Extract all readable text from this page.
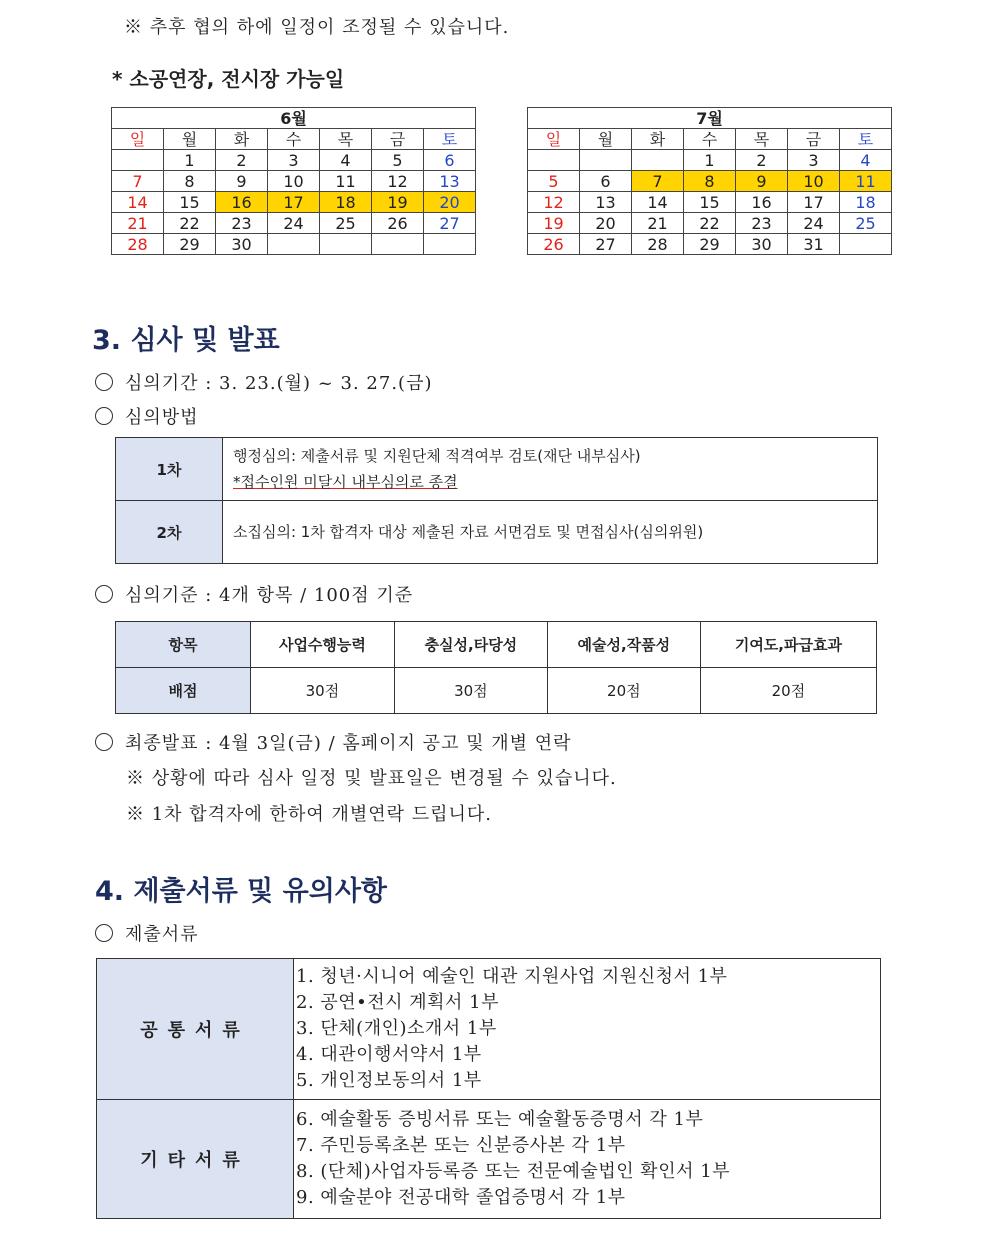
※ 추후 협의 하에 일정이 조정될 수 있습니다.
* 소공연장, 전시장 가능일
6월						
일	월	화	수	목	금	토
	1	2	3	4	5	6
7	8	9	10	11	12	13
14	15	16	17	18	19	20
21	22	23	24	25	26	27
28	29	30				
7월						
일	월	화	수	목	금	토
			1	2	3	4
5	6	7	8	9	10	11
12	13	14	15	16	17	18
19	20	21	22	23	24	25
26	27	28	29	30	31	
3. 심사 및 발표
심의기간 : 3. 23.(월) ~ 3. 27.(금)
심의방법
1차	행정심의: 제출서류 및 지원단체 적격여부 검토(재단 내부심사)
*접수인원 미달시 내부심의로 종결

2차	소집심의: 1차 합격자 대상 제출된 자료 서면검토 및 면접심사(심의위원)
심의기준 : 4개 항목 / 100점 기준
항목	사업수행능력	충실성,타당성	예술성,작품성	기여도,파급효과
배점	30점	30점	20점	20점
최종발표 : 4월 3일(금) / 홈페이지 공고 및 개별 연락
※ 상황에 따라 심사 일정 및 발표일은 변경될 수 있습니다.
※ 1차 합격자에 한하여 개별연락 드립니다.
4. 제출서류 및 유의사항
제출서류
공통서류	1. 청년·시니어 예술인 대관 지원사업 지원신청서 1부
2. 공연•전시 계획서 1부
3. 단체(개인)소개서 1부
4. 대관이행서약서 1부
5. 개인정보동의서 1부

기타서류	6. 예술활동 증빙서류 또는 예술활동증명서 각 1부
7. 주민등록초본 또는 신분증사본 각 1부
8. (단체)사업자등록증 또는 전문예술법인 확인서 1부
9. 예술분야 전공대학 졸업증명서 각 1부
